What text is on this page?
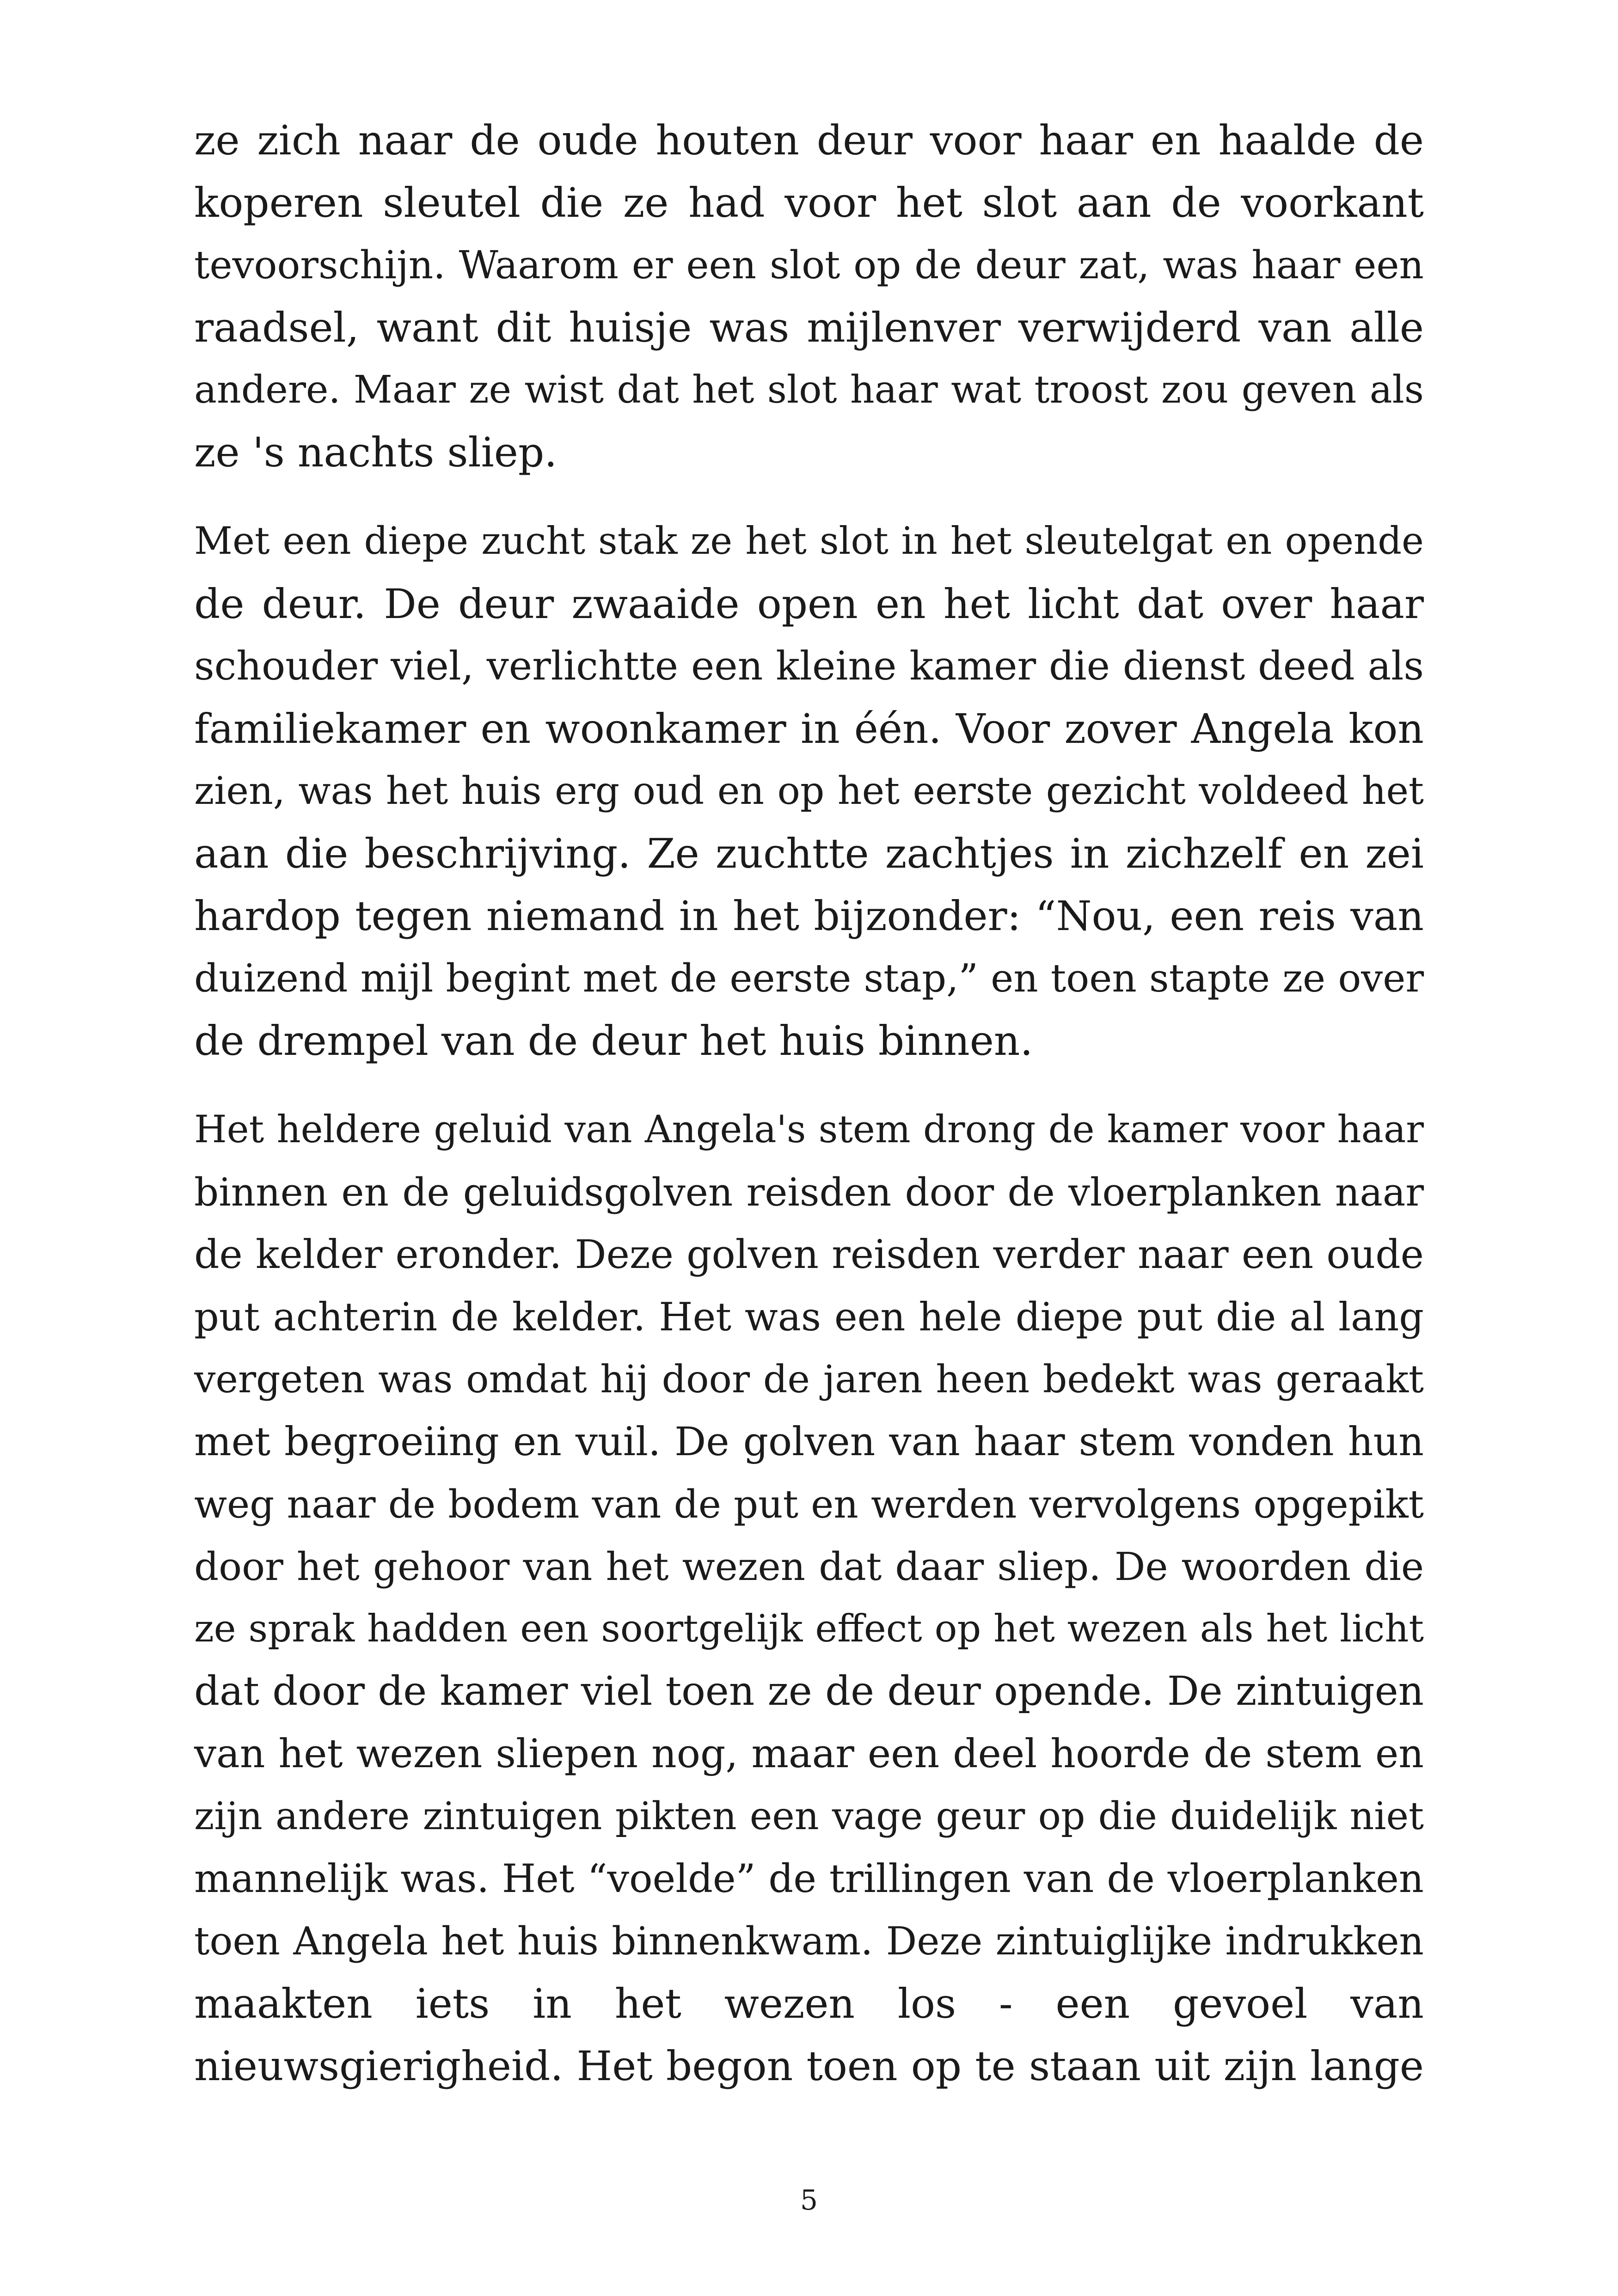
ze zich naar de oude houten deur voor haar en haalde de
koperen sleutel die ze had voor het slot aan de voorkant
tevoorschijn. Waarom er een slot op de deur zat, was haar een
raadsel, want dit huisje was mijlenver verwijderd van alle
andere. Maar ze wist dat het slot haar wat troost zou geven als
ze 's nachts sliep.
Met een diepe zucht stak ze het slot in het sleutelgat en opende
de deur. De deur zwaaide open en het licht dat over haar
schouder viel, verlichtte een kleine kamer die dienst deed als
familiekamer en woonkamer in één. Voor zover Angela kon
zien, was het huis erg oud en op het eerste gezicht voldeed het
aan die beschrijving. Ze zuchtte zachtjes in zichzelf en zei
hardop tegen niemand in het bijzonder: “Nou, een reis van
duizend mijl begint met de eerste stap,” en toen stapte ze over
de drempel van de deur het huis binnen.
Het heldere geluid van Angela's stem drong de kamer voor haar
binnen en de geluidsgolven reisden door de vloerplanken naar
de kelder eronder. Deze golven reisden verder naar een oude
put achterin de kelder. Het was een hele diepe put die al lang
vergeten was omdat hij door de jaren heen bedekt was geraakt
met begroeiing en vuil. De golven van haar stem vonden hun
weg naar de bodem van de put en werden vervolgens opgepikt
door het gehoor van het wezen dat daar sliep. De woorden die
ze sprak hadden een soortgelijk effect op het wezen als het licht
dat door de kamer viel toen ze de deur opende. De zintuigen
van het wezen sliepen nog, maar een deel hoorde de stem en
zijn andere zintuigen pikten een vage geur op die duidelijk niet
mannelijk was. Het “voelde” de trillingen van de vloerplanken
toen Angela het huis binnenkwam. Deze zintuiglijke indrukken
maakten iets in het wezen los - een gevoel van
nieuwsgierigheid. Het begon toen op te staan uit zijn lange
5
